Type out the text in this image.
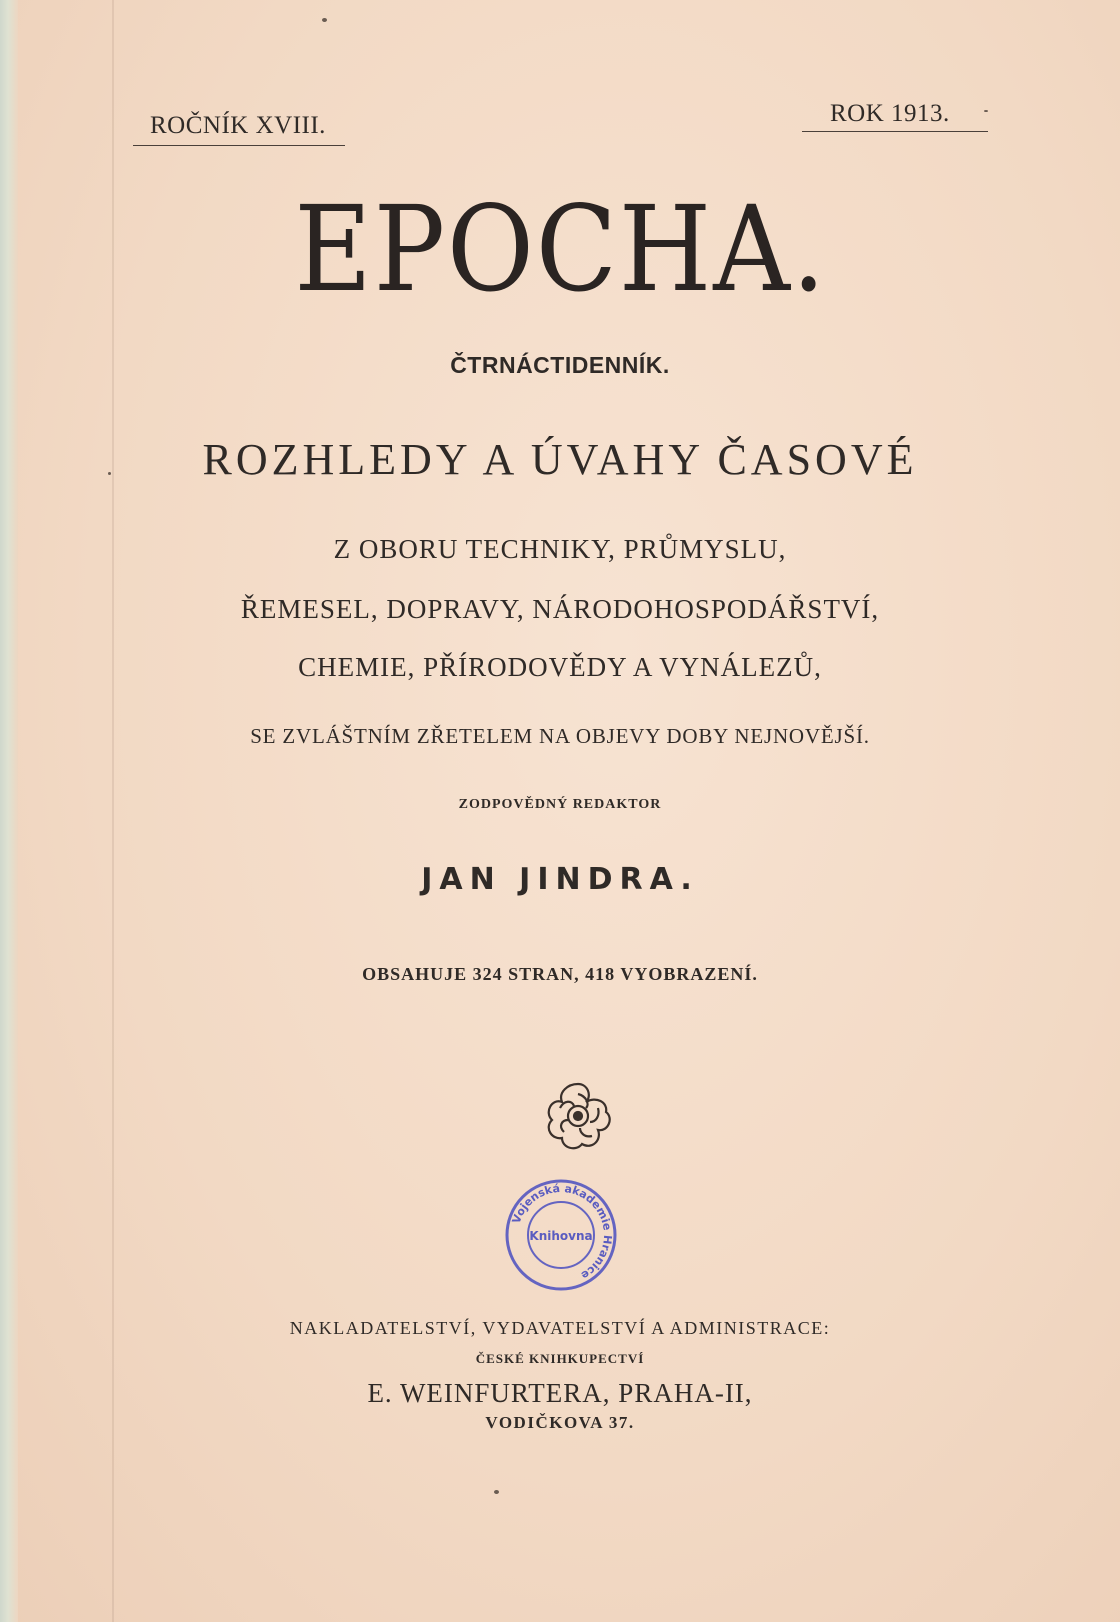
ROČNÍK XVIII.	ROK 1913.
EPOCHA.
ČTRNÁCTIDENNÍK.
ROZHLEDY A ÚVAHY ČASOVÉ
Z OBORU TECHNIKY, PRŮMYSLU,
ŘEMESEL, DOPRAVY, NÁRODOHOSPODÁŘSTVÍ,
CHEMIE, PŘÍRODOVĚDY A VYNÁLEZŮ,
SE ZVLÁŠTNÍM ZŘETELEM NA OBJEVY DOBY NEJNOVĚJŠÍ.
ZODPOVĚDNÝ REDAKTOR
JAN JINDRA.
OBSAHUJE 324 STRAN, 418 VYOBRAZENÍ.
Vojenská akademie Hranice
Knihovna
NAKLADATELSTVÍ, VYDAVATELSTVÍ A ADMINISTRACE:
ČESKÉ KNIHKUPECTVÍ
E. WEINFURTERA, PRAHA-II,
VODIČKOVA 37.
